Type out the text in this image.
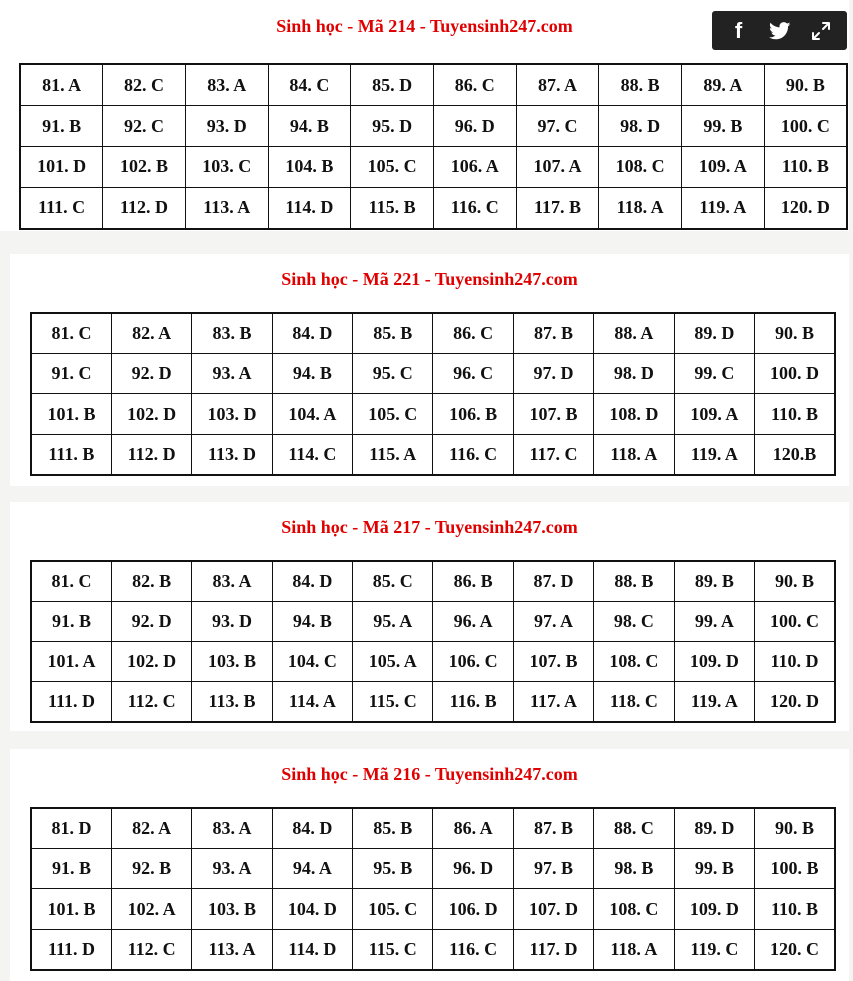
Sinh học - Mã 214 - Tuyensinh247.com
81. A	82. C	83. A	84. C	85. D	86. C	87. A	88. B	89. A	90. B
91. B	92. C	93. D	94. B	95. D	96. D	97. C	98. D	99. B	100. C
101. D	102. B	103. C	104. B	105. C	106. A	107. A	108. C	109. A	110. B
111. C	112. D	113. A	114. D	115. B	116. C	117. B	118. A	119. A	120. D
Sinh học - Mã 221 - Tuyensinh247.com
81. C	82. A	83. B	84. D	85. B	86. C	87. B	88. A	89. D	90. B
91. C	92. D	93. A	94. B	95. C	96. C	97. D	98. D	99. C	100. D
101. B	102. D	103. D	104. A	105. C	106. B	107. B	108. D	109. A	110. B
111. B	112. D	113. D	114. C	115. A	116. C	117. C	118. A	119. A	120.B
Sinh học - Mã 217 - Tuyensinh247.com
81. C	82. B	83. A	84. D	85. C	86. B	87. D	88. B	89. B	90. B
91. B	92. D	93. D	94. B	95. A	96. A	97. A	98. C	99. A	100. C
101. A	102. D	103. B	104. C	105. A	106. C	107. B	108. C	109. D	110. D
111. D	112. C	113. B	114. A	115. C	116. B	117. A	118. C	119. A	120. D
Sinh học - Mã 216 - Tuyensinh247.com
81. D	82. A	83. A	84. D	85. B	86. A	87. B	88. C	89. D	90. B
91. B	92. B	93. A	94. A	95. B	96. D	97. B	98. B	99. B	100. B
101. B	102. A	103. B	104. D	105. C	106. D	107. D	108. C	109. D	110. B
111. D	112. C	113. A	114. D	115. C	116. C	117. D	118. A	119. C	120. C
f
